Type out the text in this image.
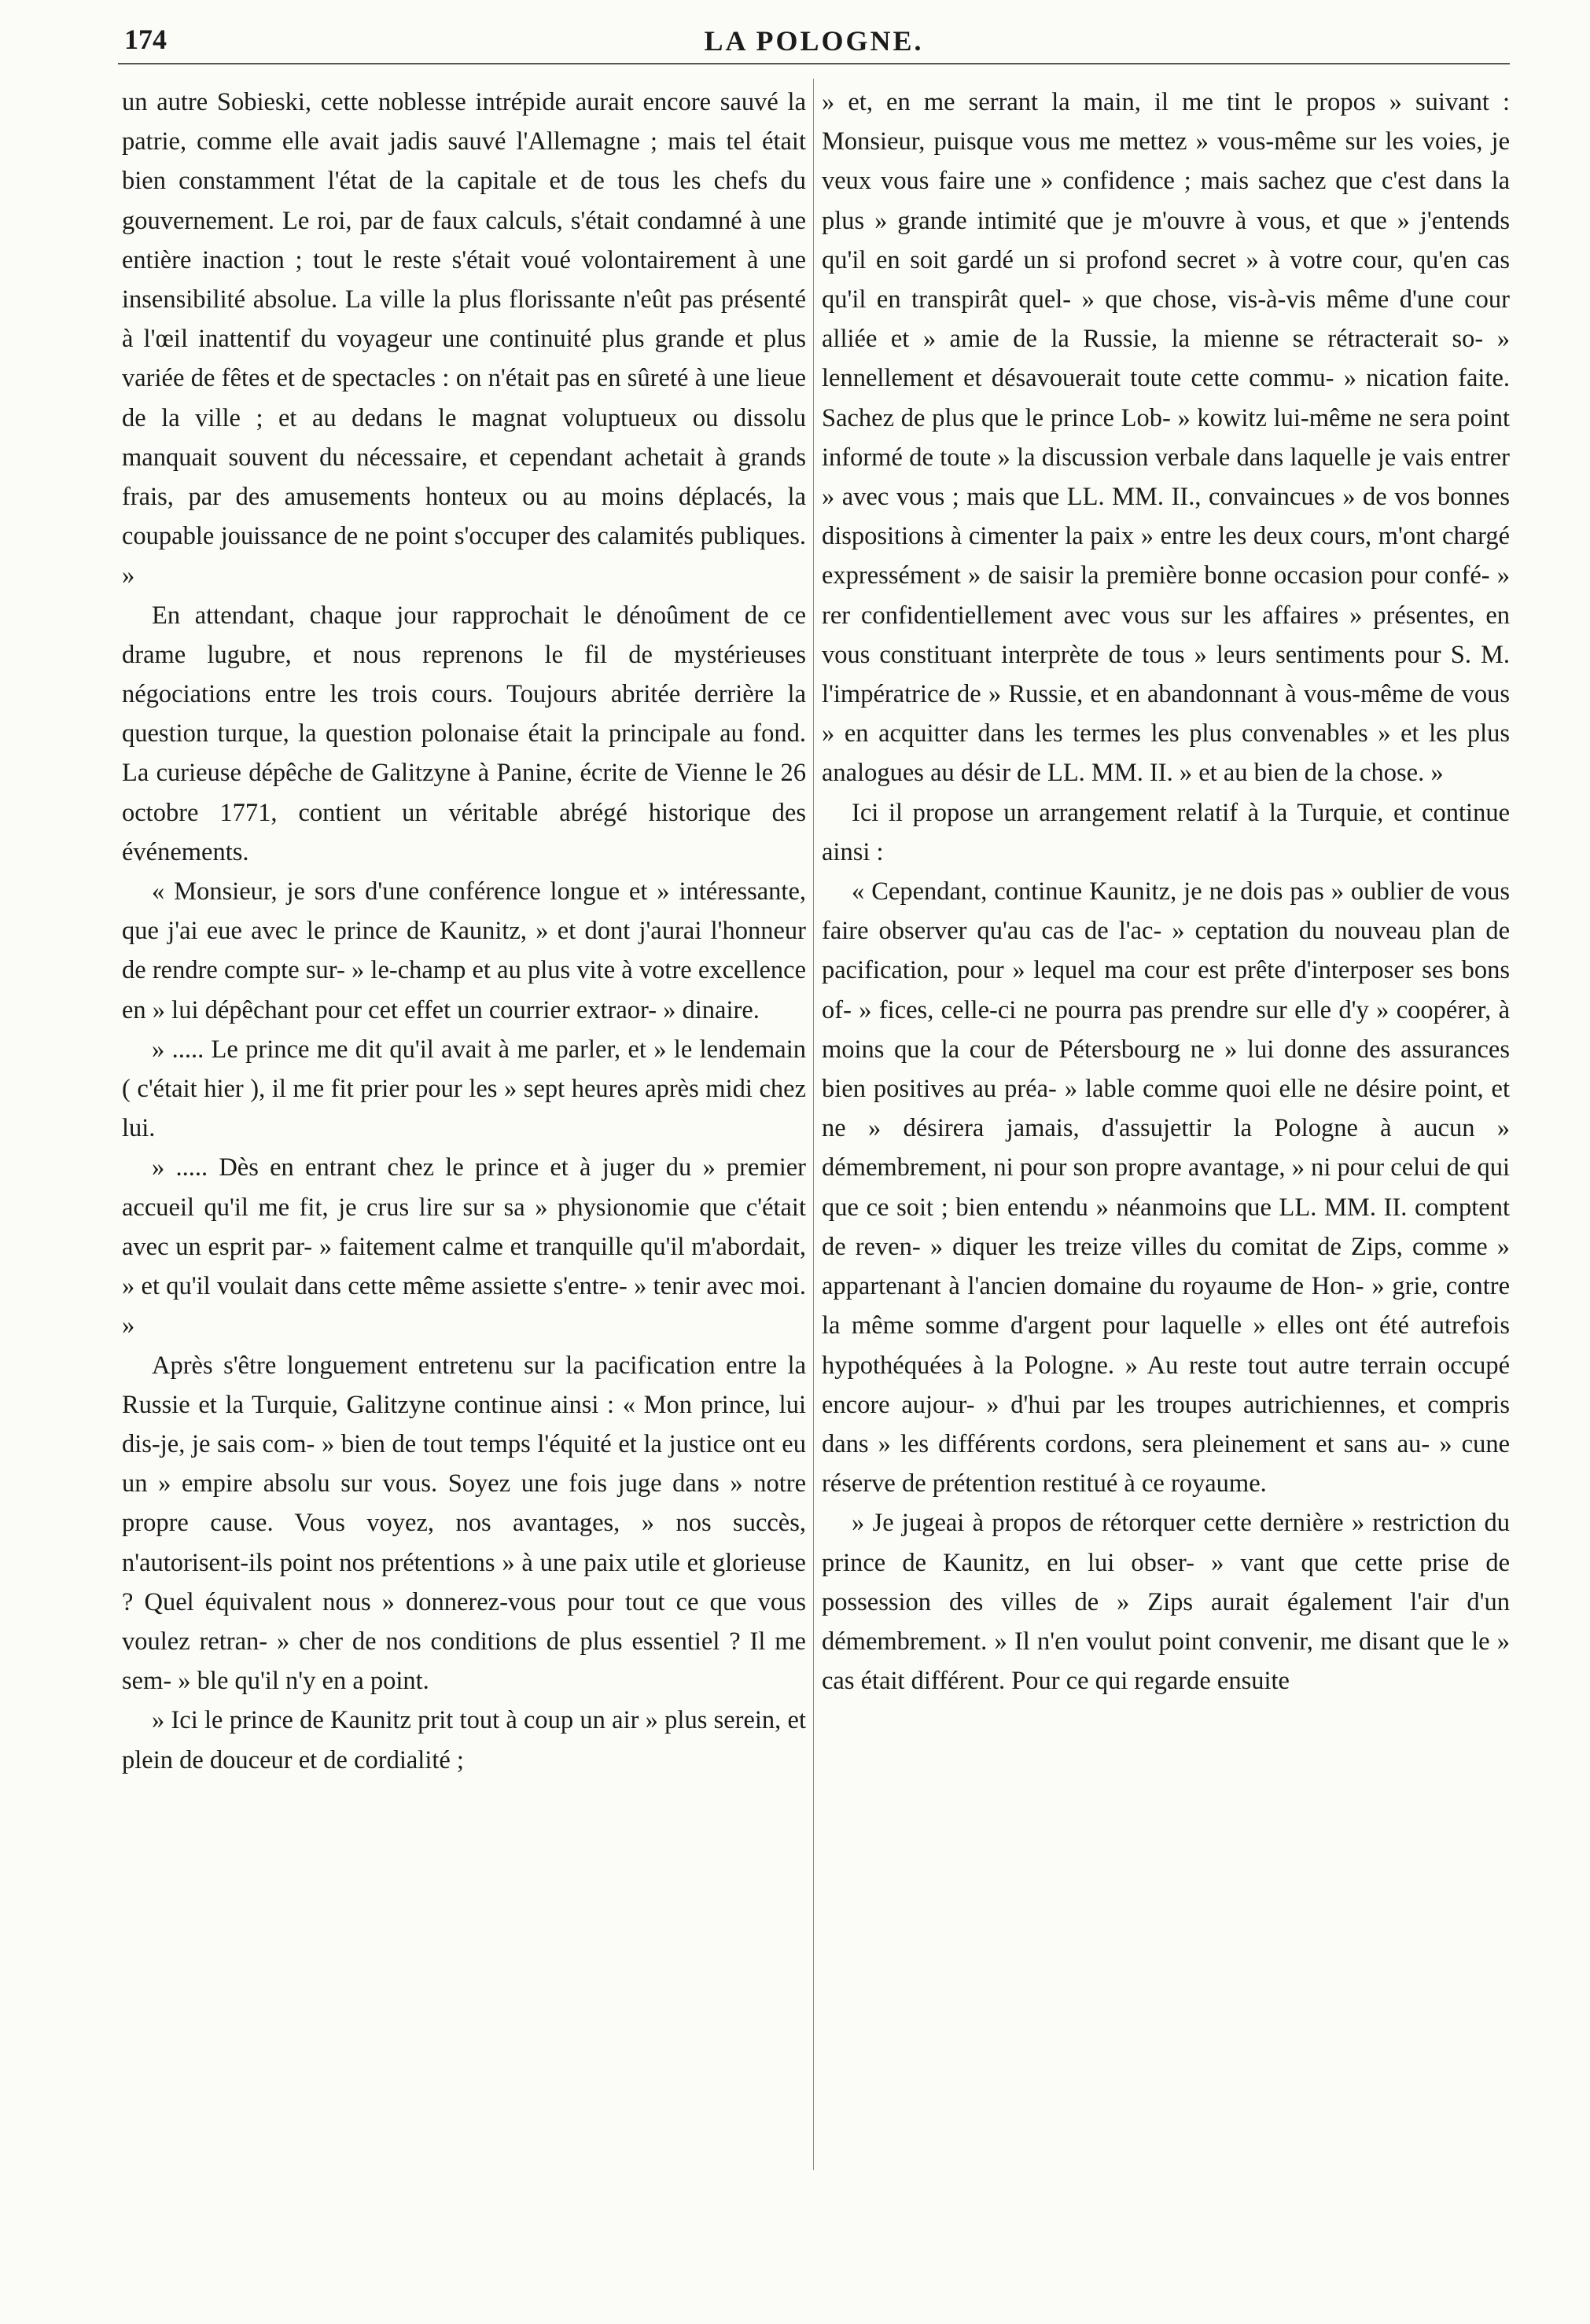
174	LA POLOGNE.

un autre Sobieski, cette noblesse intrépide aurait encore sauvé la patrie, comme elle avait jadis sauvé l'Allemagne ; mais tel était bien constamment l'état de la capitale et de tous les chefs du gouvernement. Le roi, par de faux calculs, s'était condamné à une entière inaction ; tout le reste s'était voué volontairement à une insensibilité absolue. La ville la plus florissante n'eût pas présenté à l'œil inattentif du voyageur une continuité plus grande et plus variée de fêtes et de spectacles : on n'était pas en sûreté à une lieue de la ville ; et au dedans le magnat voluptueux ou dissolu manquait souvent du nécessaire, et cependant achetait à grands frais, par des amusements honteux ou au moins déplacés, la coupable jouissance de ne point s'occuper des calamités publiques. »

En attendant, chaque jour rapprochait le dénoûment de ce drame lugubre, et nous reprenons le fil de mystérieuses négociations entre les trois cours. Toujours abritée derrière la question turque, la question polonaise était la principale au fond. La curieuse dépêche de Galitzyne à Panine, écrite de Vienne le 26 octobre 1771, contient un véritable abrégé historique des événements.

« Monsieur, je sors d'une conférence longue et » intéressante, que j'ai eue avec le prince de Kaunitz, » et dont j'aurai l'honneur de rendre compte sur- » le-champ et au plus vite à votre excellence en » lui dépêchant pour cet effet un courrier extraor- » dinaire.

» ..... Le prince me dit qu'il avait à me parler, et » le lendemain ( c'était hier ), il me fit prier pour les » sept heures après midi chez lui.

» ..... Dès en entrant chez le prince et à juger du » premier accueil qu'il me fit, je crus lire sur sa » physionomie que c'était avec un esprit par- » faitement calme et tranquille qu'il m'abordait, » et qu'il voulait dans cette même assiette s'entre- » tenir avec moi. »

Après s'être longuement entretenu sur la pacification entre la Russie et la Turquie, Galitzyne continue ainsi : « Mon prince, lui dis-je, je sais com- » bien de tout temps l'équité et la justice ont eu un » empire absolu sur vous. Soyez une fois juge dans » notre propre cause. Vous voyez, nos avantages, » nos succès, n'autorisent-ils point nos prétentions » à une paix utile et glorieuse ? Quel équivalent nous » donnerez-vous pour tout ce que vous voulez retran- » cher de nos conditions de plus essentiel ? Il me sem- » ble qu'il n'y en a point.

» Ici le prince de Kaunitz prit tout à coup un air » plus serein, et plein de douceur et de cordialité ;

» et, en me serrant la main, il me tint le propos » suivant : Monsieur, puisque vous me mettez » vous-même sur les voies, je veux vous faire une » confidence ; mais sachez que c'est dans la plus » grande intimité que je m'ouvre à vous, et que » j'entends qu'il en soit gardé un si profond secret » à votre cour, qu'en cas qu'il en transpirât quel- » que chose, vis-à-vis même d'une cour alliée et » amie de la Russie, la mienne se rétracterait so- » lennellement et désavouerait toute cette commu- » nication faite. Sachez de plus que le prince Lob- » kowitz lui-même ne sera point informé de toute » la discussion verbale dans laquelle je vais entrer » avec vous ; mais que LL. MM. II., convaincues » de vos bonnes dispositions à cimenter la paix » entre les deux cours, m'ont chargé expressément » de saisir la première bonne occasion pour confé- » rer confidentiellement avec vous sur les affaires » présentes, en vous constituant interprète de tous » leurs sentiments pour S. M. l'impératrice de » Russie, et en abandonnant à vous-même de vous » en acquitter dans les termes les plus convenables » et les plus analogues au désir de LL. MM. II. » et au bien de la chose. »

Ici il propose un arrangement relatif à la Turquie, et continue ainsi :

« Cependant, continue Kaunitz, je ne dois pas » oublier de vous faire observer qu'au cas de l'ac- » ceptation du nouveau plan de pacification, pour » lequel ma cour est prête d'interposer ses bons of- » fices, celle-ci ne pourra pas prendre sur elle d'y » coopérer, à moins que la cour de Pétersbourg ne » lui donne des assurances bien positives au préa- » lable comme quoi elle ne désire point, et ne » désirera jamais, d'assujettir la Pologne à aucun » démembrement, ni pour son propre avantage, » ni pour celui de qui que ce soit ; bien entendu » néanmoins que LL. MM. II. comptent de reven- » diquer les treize villes du comitat de Zips, comme » appartenant à l'ancien domaine du royaume de Hon- » grie, contre la même somme d'argent pour laquelle » elles ont été autrefois hypothéquées à la Pologne. » Au reste tout autre terrain occupé encore aujour- » d'hui par les troupes autrichiennes, et compris dans » les différents cordons, sera pleinement et sans au- » cune réserve de prétention restitué à ce royaume.

» Je jugeai à propos de rétorquer cette dernière » restriction du prince de Kaunitz, en lui obser- » vant que cette prise de possession des villes de » Zips aurait également l'air d'un démembrement. » Il n'en voulut point convenir, me disant que le » cas était différent. Pour ce qui regarde ensuite
